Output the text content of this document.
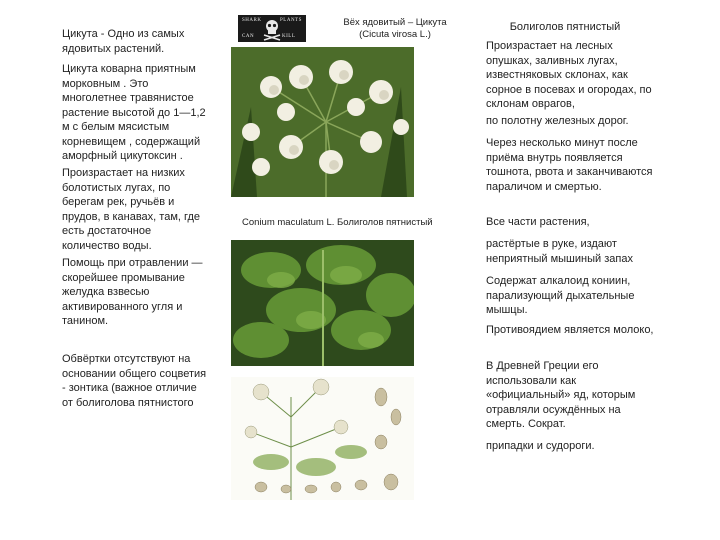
Цикута - Одно из самых ядовитых растений.

Цикута коварна приятным морковным . Это многолетнее травянистое растение высотой до 1—1,2 м с белым мясистым корневищем , содержащий аморфный цикутоксин .

Произрастает на низких болотистых лугах, по берегам рек, ручьёв и прудов, в канавах, там, где есть достаточное количество воды.

Помощь при отравлении — скорейшее промывание желудка взвесью активированного угля и танином.

Обвёртки отсутствуют на основании общего соцветия - зонтика (важное отличие от болиголова пятнистого

SHARK	PLANTS
CAN	KILL
Вёх ядовитый – Цикута (Cicuta virosa L.)
Conium maculatum L. Болиголов пятнистый
Болиголов пятнистый

Произрастает на лесных опушках, заливных лугах, известняковых склонах, как сорное в посевах и огородах, по склонам оврагов,

по полотну железных дорог.

Через несколько минут после приёма внутрь появляется тошнота, рвота и заканчиваются параличом и смертью.

Все части растения,

растёртые в руке, издают неприятный мышиный запах

Содержат алкалоид кониин, парализующий дыхательные мышцы.

Противоядием является молоко,

В Древней Греции его использовали как «официальный» яд, которым отравляли осуждённых на смерть. Сократ.

припадки и судороги.
